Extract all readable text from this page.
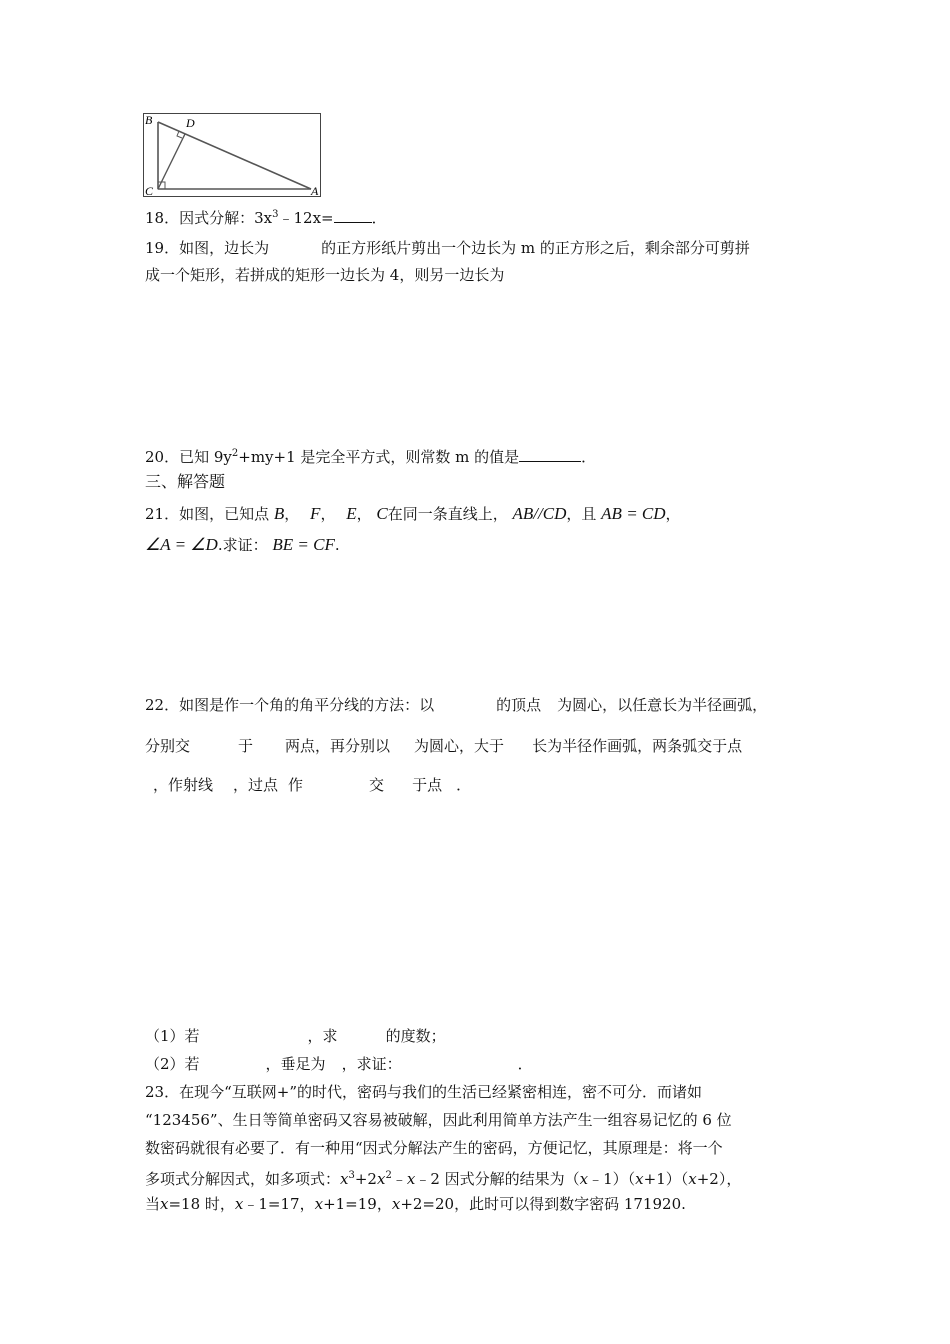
B	D
C	A
18．因式分解：$3x^3﹣12x=$	．
19．如图，边长为	的正方形纸片剪出一个边长为 m 的正方形之后，剩余部分可剪拼
成一个矩形，若拼成的矩形一边长为 4，则另一边长为
20．已知 $9y^2+my+1$ 是完全平方式，则常数 m 的值是	．
三、解答题
21．如图，已知点 B， F， E， C在同一条直线上， AB//CD，且 AB = CD，
∠A = ∠D.求证： BE = CF.
22．如图是作一个角的角平分线的方法：以	的顶点 为圆心，以任意长为半径画弧，
分别交	于 两点，再分别以 为圆心，大于 长为半径作画弧，两条弧交于点
，作射线 ，过点 作	交 于点 ．
（1）若	，求	的度数；
（2）若	，垂足为 ，求证：	．
23．在现今“互联网+”的时代，密码与我们的生活已经紧密相连，密不可分．而诸如
“123456”、生日等简单密码又容易被破解，因此利用简单方法产生一组容易记忆的 6 位
数密码就很有必要了．有一种用“因式分解法产生的密码，方便记忆，其原理是：将一个
多项式分解因式，如多项式：$x^3+2x^2﹣x﹣2$ 因式分解的结果为（x﹣1）（x+1）（x+2），
当x=18 时，x﹣1=17，x+1=19，x+2=20，此时可以得到数字密码 171920.
